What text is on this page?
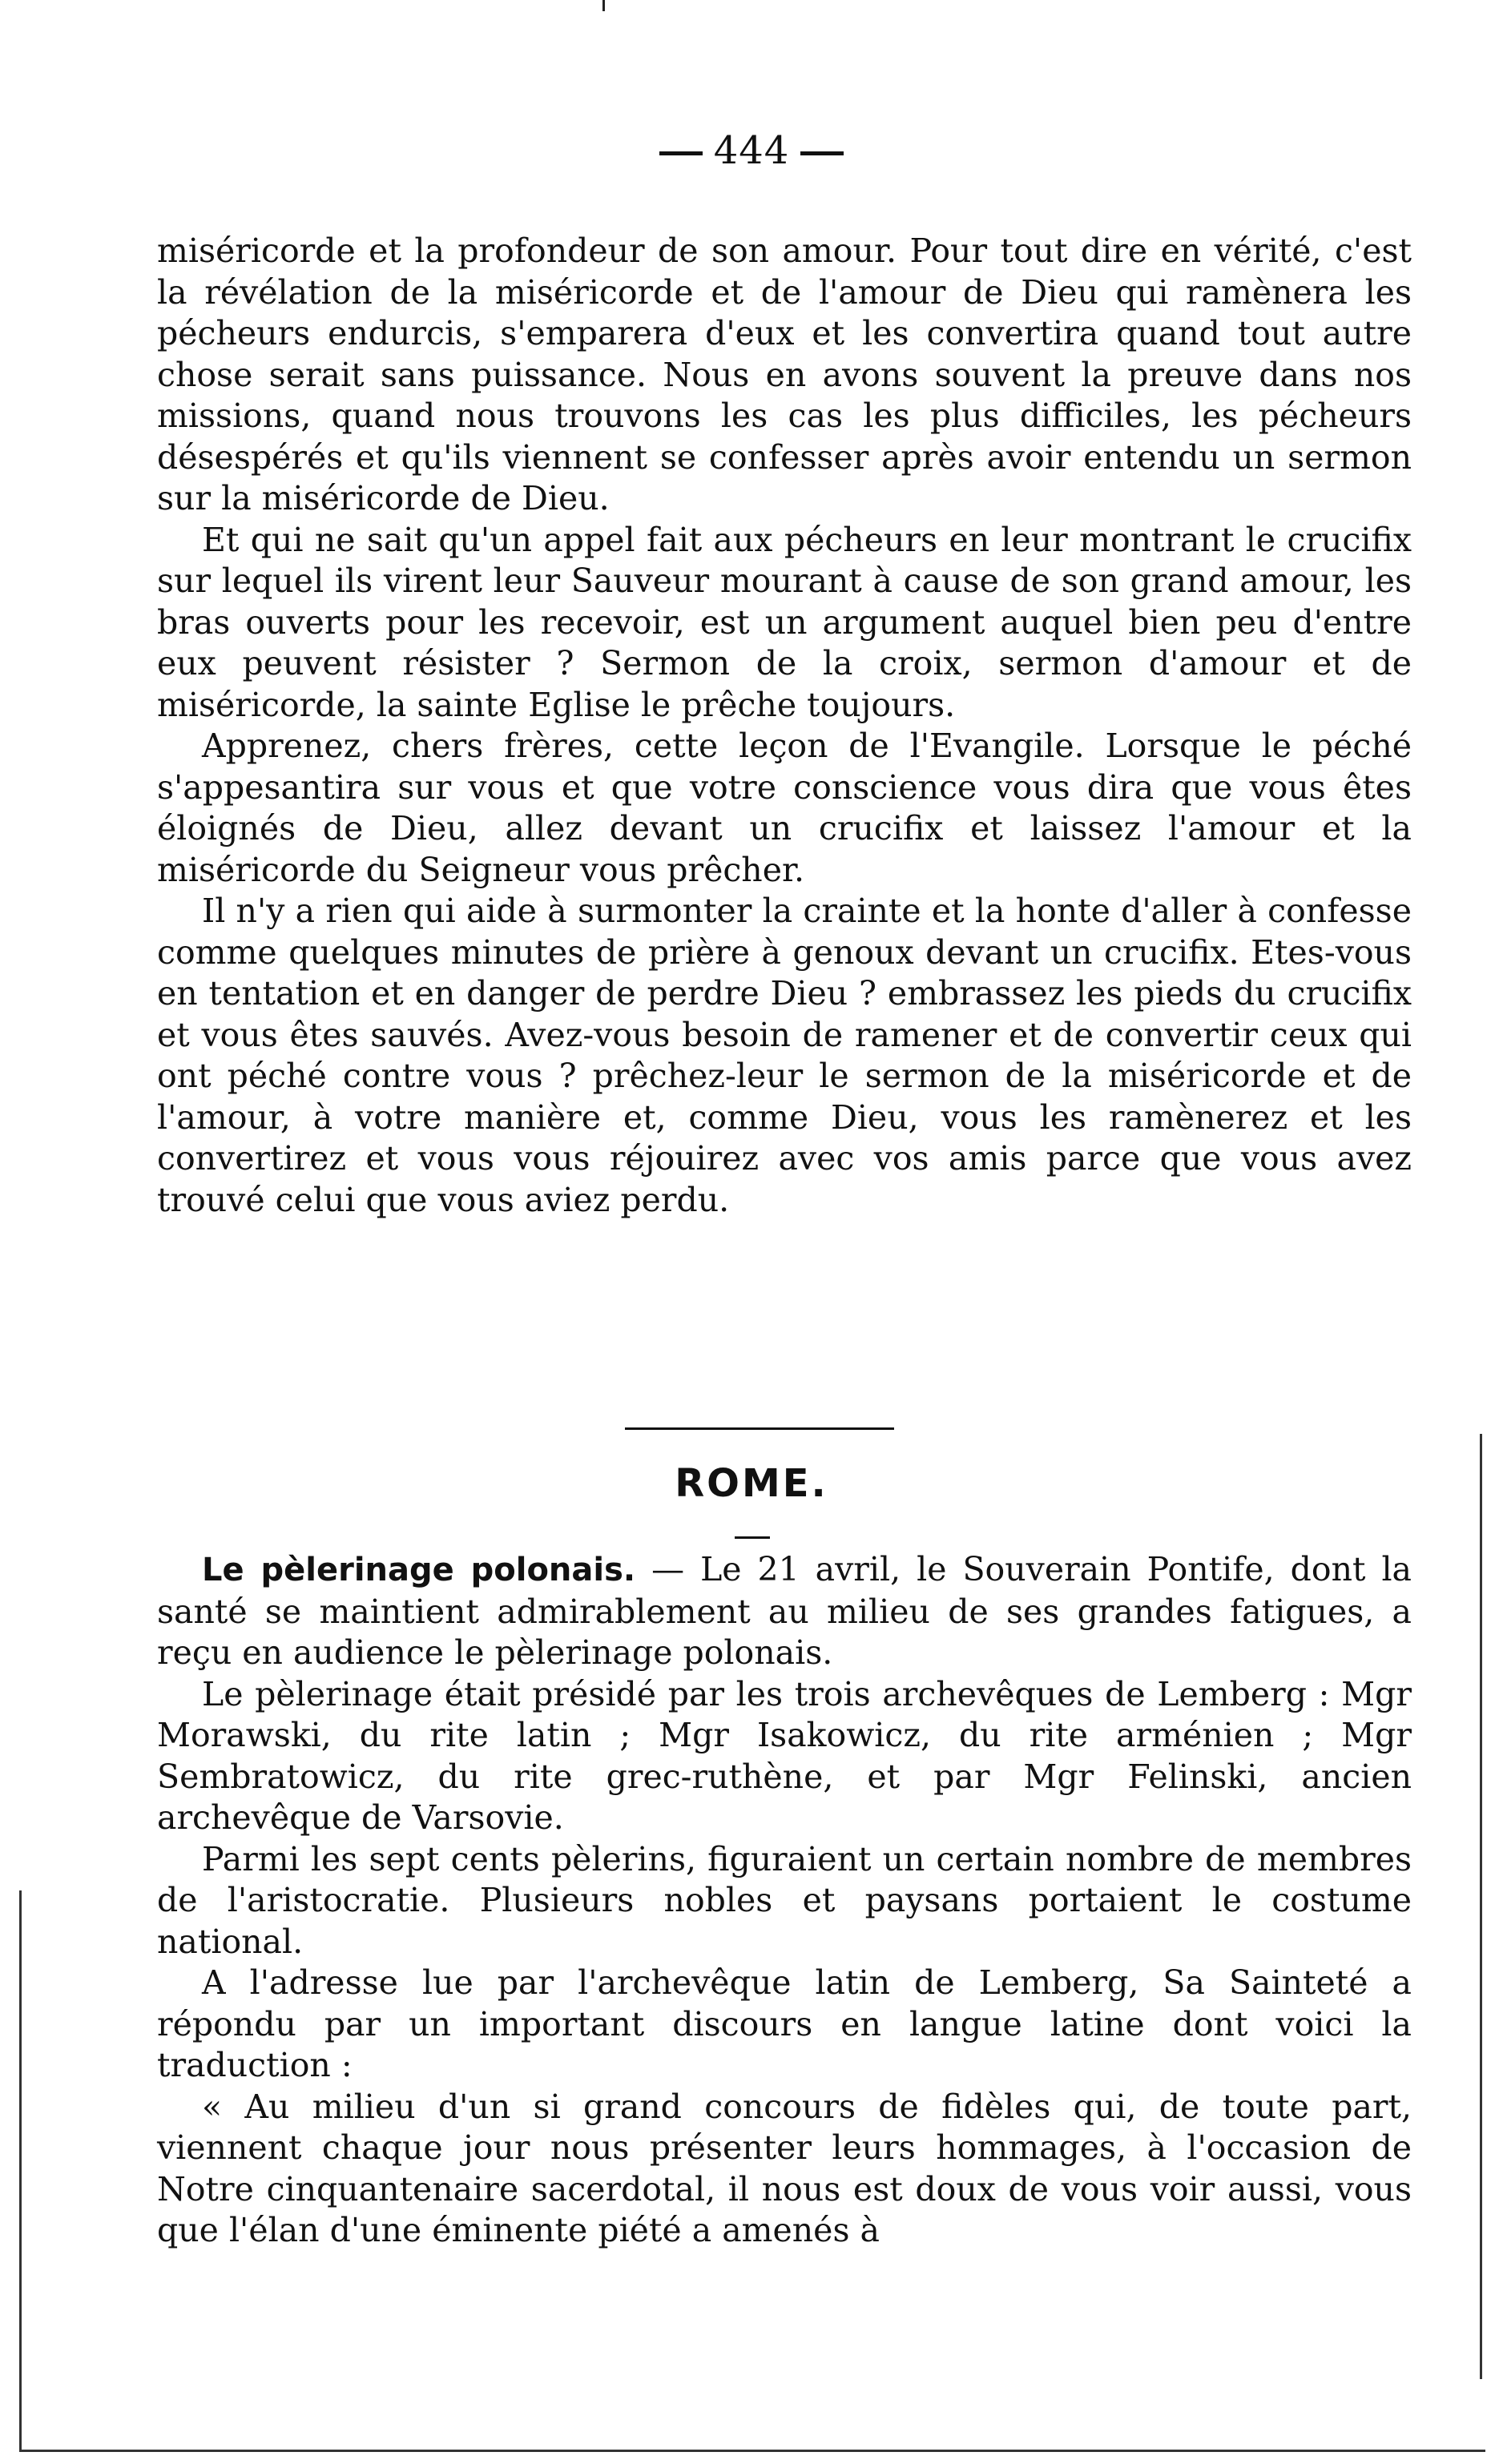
444

miséricorde et la profondeur de son amour. Pour tout dire en vérité, c'est la révélation de la miséricorde et de l'amour de Dieu qui ramènera les pécheurs endurcis, s'emparera d'eux et les convertira quand tout autre chose serait sans puissance. Nous en avons souvent la preuve dans nos missions, quand nous trouvons les cas les plus difficiles, les pécheurs désespérés et qu'ils viennent se confesser après avoir entendu un sermon sur la miséricorde de Dieu.

Et qui ne sait qu'un appel fait aux pécheurs en leur montrant le crucifix sur lequel ils virent leur Sauveur mourant à cause de son grand amour, les bras ouverts pour les recevoir, est un argument auquel bien peu d'entre eux peuvent résister ? Sermon de la croix, sermon d'amour et de miséricorde, la sainte Eglise le prêche toujours.

Apprenez, chers frères, cette leçon de l'Evangile. Lorsque le péché s'appesantira sur vous et que votre conscience vous dira que vous êtes éloignés de Dieu, allez devant un crucifix et laissez l'amour et la miséricorde du Seigneur vous prêcher.

Il n'y a rien qui aide à surmonter la crainte et la honte d'aller à confesse comme quelques minutes de prière à genoux devant un crucifix. Etes-vous en tentation et en danger de perdre Dieu ? embrassez les pieds du crucifix et vous êtes sauvés. Avez-vous besoin de ramener et de convertir ceux qui ont péché contre vous ? prêchez-leur le sermon de la miséricorde et de l'amour, à votre manière et, comme Dieu, vous les ramènerez et les convertirez et vous vous réjouirez avec vos amis parce que vous avez trouvé celui que vous aviez perdu.

ROME.

Le pèlerinage polonais. — Le 21 avril, le Souverain Pontife, dont la santé se maintient admirablement au milieu de ses grandes fatigues, a reçu en audience le pèlerinage polonais.

Le pèlerinage était présidé par les trois archevêques de Lemberg : Mgr Morawski, du rite latin ; Mgr Isakowicz, du rite arménien ; Mgr Sembratowicz, du rite grec-ruthène, et par Mgr Felinski, ancien archevêque de Varsovie.

Parmi les sept cents pèlerins, figuraient un certain nombre de membres de l'aristocratie. Plusieurs nobles et paysans portaient le costume national.

A l'adresse lue par l'archevêque latin de Lemberg, Sa Sainteté a répondu par un important discours en langue latine dont voici la traduction :

« Au milieu d'un si grand concours de fidèles qui, de toute part, viennent chaque jour nous présenter leurs hommages, à l'occasion de Notre cinquantenaire sacerdotal, il nous est doux de vous voir aussi, vous que l'élan d'une éminente piété a amenés à
